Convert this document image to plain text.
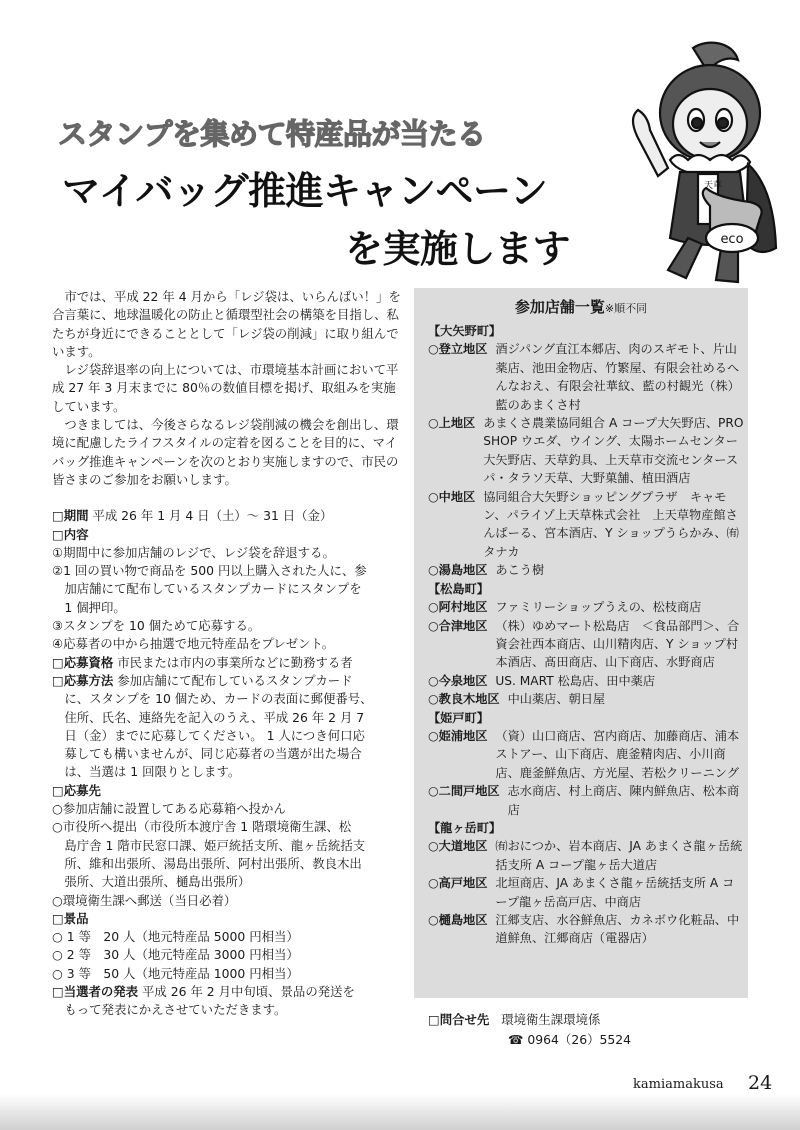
スタンプを集めて特産品が当たる
マイバッグ推進キャンペーン
を実施します
天草
eco

市では、平成 22 年 4 月から「レジ袋は、いらんばい！」を合言葉に、地球温暖化の防止と循環型社会の構築を目指し、私たちが身近にできることとして「レジ袋の削減」に取り組んでいます。

レジ袋辞退率の向上については、市環境基本計画において平成 27 年 3 月末までに 80％の数値目標を掲げ、取組みを実施しています。

つきましては、今後さらなるレジ袋削減の機会を創出し、環境に配慮したライフスタイルの定着を図ることを目的に、マイバッグ推進キャンペーンを次のとおり実施しますので、市民の皆さまのご参加をお願いします。

□期間 平成 26 年 1 月 4 日（土）～ 31 日（金）
□内容
①期間中に参加店舗のレジで、レジ袋を辞退する。
②1 回の買い物で商品を 500 円以上購入された人に、参
加店舗にて配布しているスタンプカードにスタンプを
1 個押印。
③スタンプを 10 個ためて応募する。
④応募者の中から抽選で地元特産品をプレゼント。
□応募資格 市民または市内の事業所などに勤務する者
□応募方法 参加店舗にて配布しているスタンプカード
に、スタンプを 10 個ため、カードの表面に郵便番号、
住所、氏名、連絡先を記入のうえ、平成 26 年 2 月 7
日（金）までに応募してください。 1 人につき何口応
募しても構いませんが、同じ応募者の当選が出た場合
は、当選は 1 回限りとします。
□応募先
○参加店舗に設置してある応募箱へ投かん
○市役所へ提出（市役所本渡庁舎 1 階環境衛生課、松
島庁舎 1 階市民窓口課、姫戸統括支所、龍ヶ岳統括支
所、維和出張所、湯島出張所、阿村出張所、教良木出
張所、大道出張所、樋島出張所）
○環境衛生課へ郵送（当日必着）
□景品
○ 1 等　20 人（地元特産品 5000 円相当）
○ 2 等　30 人（地元特産品 3000 円相当）
○ 3 等　50 人（地元特産品 1000 円相当）
□当選者の発表 平成 26 年 2 月中旬頃、景品の発送を
もって発表にかえさせていただきます。
参加店舗一覧※順不同
【大矢野町】
○登立地区 酒ジパング直江本郷店、肉のスギモト、片山薬店、池田金物店、竹繁屋、有限会社めるへんなおえ、有限会社華紋、藍の村観光（株）藍のあまくさ村
○上地区 あまくさ農業協同組合 A コープ大矢野店、PRO SHOP ウエダ、ウイング、太陽ホームセンター大矢野店、天草釣具、上天草市交流センタースパ・タラソ天草、大野菓舗、植田酒店
○中地区 協同組合大矢野ショッピングプラザ　キャモン、パライゾ上天草株式会社　上天草物産館さんぱーる、宮本酒店、Y ショップうらかみ、㈲タナカ
○湯島地区 あこう樹
【松島町】
○阿村地区 ファミリーショップうえの、松枝商店
○合津地区 （株）ゆめマート松島店　＜食品部門＞、合資会社西本商店、山川精肉店、Y ショップ村本酒店、髙田商店、山下商店、水野商店
○今泉地区 US. MART 松島店、田中薬店
○教良木地区 中山薬店、朝日屋
【姫戸町】
○姫浦地区 （資）山口商店、宮内商店、加藤商店、浦本ストアー、山下商店、鹿釜精肉店、小川商店、鹿釜鮮魚店、方光屋、若松クリーニング
○二間戸地区 志水商店、村上商店、陳内鮮魚店、松本商店
【龍ヶ岳町】
○大道地区 ㈲おにつか、岩本商店、JA あまくさ龍ヶ岳統括支所 A コープ龍ヶ岳大道店
○高戸地区 北垣商店、JA あまくさ龍ヶ岳統括支所 A コープ龍ヶ岳高戸店、中商店
○樋島地区 江郷支店、水谷鮮魚店、カネボウ化粧品、中道鮮魚、江郷商店（電器店）
□問合せ先 環境衛生課環境係
☎ 0964（26）5524
kamiamakusa 24
